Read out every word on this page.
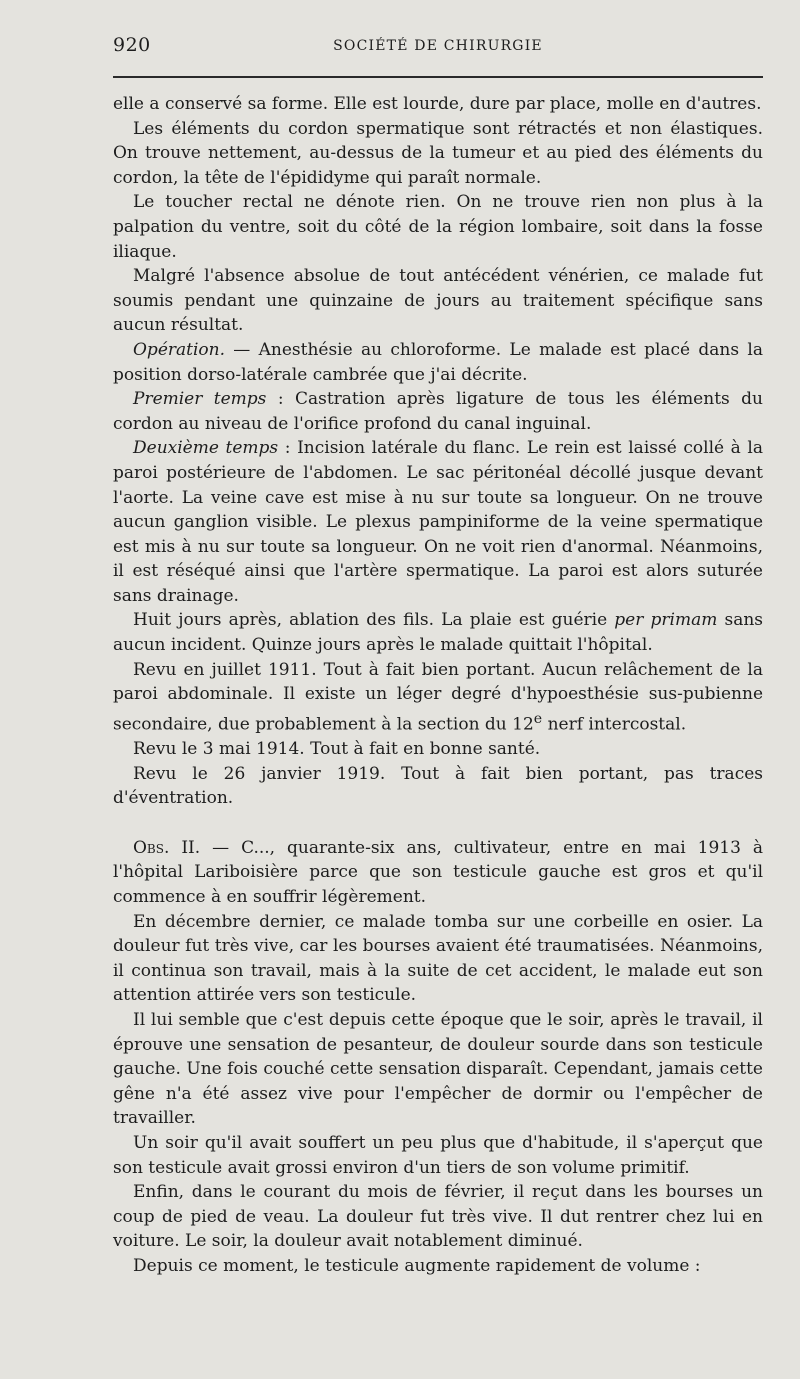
920	SOCIÉTÉ DE CHIRURGIE

elle a conservé sa forme. Elle est lourde, dure par place, molle en d'autres.

Les éléments du cordon spermatique sont rétractés et non élastiques. On trouve nettement, au-dessus de la tumeur et au pied des éléments du cordon, la tête de l'épididyme qui paraît normale.

Le toucher rectal ne dénote rien. On ne trouve rien non plus à la palpation du ventre, soit du côté de la région lombaire, soit dans la fosse iliaque.

Malgré l'absence absolue de tout antécédent vénérien, ce malade fut soumis pendant une quinzaine de jours au traitement spécifique sans aucun résultat.

Opération. — Anesthésie au chloroforme. Le malade est placé dans la position dorso-latérale cambrée que j'ai décrite.

Premier temps : Castration après ligature de tous les éléments du cordon au niveau de l'orifice profond du canal inguinal.

Deuxième temps : Incision latérale du flanc. Le rein est laissé collé à la paroi postérieure de l'abdomen. Le sac péritonéal décollé jusque devant l'aorte. La veine cave est mise à nu sur toute sa longueur. On ne trouve aucun ganglion visible. Le plexus pampiniforme de la veine spermatique est mis à nu sur toute sa longueur. On ne voit rien d'anormal. Néanmoins, il est réséqué ainsi que l'artère spermatique. La paroi est alors suturée sans drainage.

Huit jours après, ablation des fils. La plaie est guérie per primam sans aucun incident. Quinze jours après le malade quittait l'hôpital.

Revu en juillet 1911. Tout à fait bien portant. Aucun relâchement de la paroi abdominale. Il existe un léger degré d'hypoesthésie sus-pubienne secondaire, due probablement à la section du 12e nerf intercostal.

Revu le 3 mai 1914. Tout à fait en bonne santé.

Revu le 26 janvier 1919. Tout à fait bien portant, pas traces d'éventration.

Obs. II. — C..., quarante-six ans, cultivateur, entre en mai 1913 à l'hôpital Lariboisière parce que son testicule gauche est gros et qu'il commence à en souffrir légèrement.

En décembre dernier, ce malade tomba sur une corbeille en osier. La douleur fut très vive, car les bourses avaient été traumatisées. Néanmoins, il continua son travail, mais à la suite de cet accident, le malade eut son attention attirée vers son testicule.

Il lui semble que c'est depuis cette époque que le soir, après le travail, il éprouve une sensation de pesanteur, de douleur sourde dans son testicule gauche. Une fois couché cette sensation disparaît. Cependant, jamais cette gêne n'a été assez vive pour l'empêcher de dormir ou l'empêcher de travailler.

Un soir qu'il avait souffert un peu plus que d'habitude, il s'aperçut que son testicule avait grossi environ d'un tiers de son volume primitif.

Enfin, dans le courant du mois de février, il reçut dans les bourses un coup de pied de veau. La douleur fut très vive. Il dut rentrer chez lui en voiture. Le soir, la douleur avait notablement diminué.

Depuis ce moment, le testicule augmente rapidement de volume :
